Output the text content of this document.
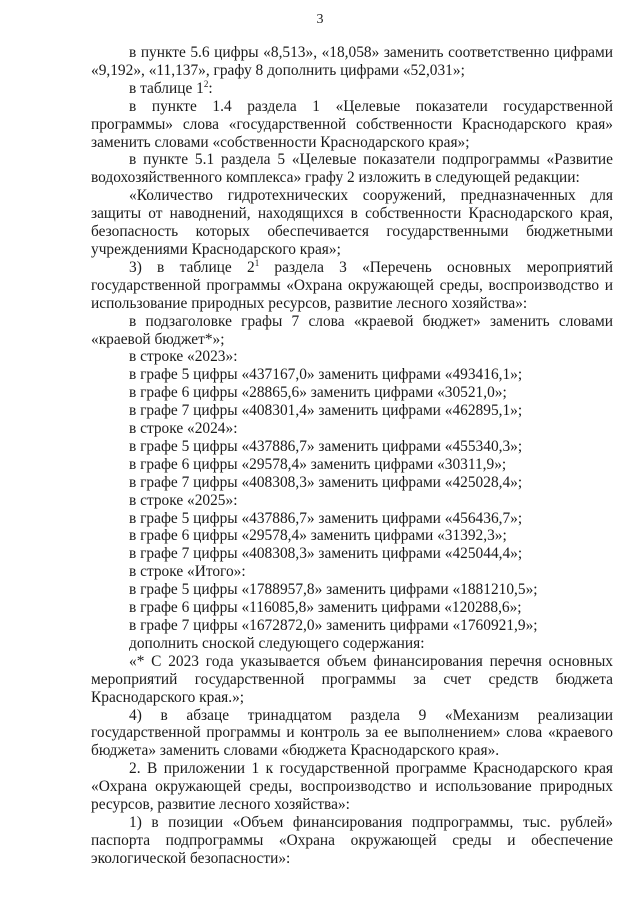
3

в пункте 5.6 цифры «8,513», «18,058» заменить соответственно цифрами «9,192», «11,137», графу 8 дополнить цифрами «52,031»;

в таблице $1^2$:

в пункте 1.4 раздела 1 «Целевые показатели государственной программы» слова «государственной собственности Краснодарского края» заменить словами «собственности Краснодарского края»;

в пункте 5.1 раздела 5 «Целевые показатели подпрограммы «Развитие водохозяйственного комплекса» графу 2 изложить в следующей редакции:

«Количество гидротехнических сооружений, предназначенных для защиты от наводнений, находящихся в собственности Краснодарского края, безопасность которых обеспечивается государственными бюджетными учреждениями Краснодарского края»;

3) в таблице $2^1$ раздела 3 «Перечень основных мероприятий государственной программы «Охрана окружающей среды, воспроизводство и использование природных ресурсов, развитие лесного хозяйства»:

в подзаголовке графы 7 слова «краевой бюджет» заменить словами «краевой бюджет*»;

в строке «2023»:

в графе 5 цифры «437167,0» заменить цифрами «493416,1»;

в графе 6 цифры «28865,6» заменить цифрами «30521,0»;

в графе 7 цифры «408301,4» заменить цифрами «462895,1»;

в строке «2024»:

в графе 5 цифры «437886,7» заменить цифрами «455340,3»;

в графе 6 цифры «29578,4» заменить цифрами «30311,9»;

в графе 7 цифры «408308,3» заменить цифрами «425028,4»;

в строке «2025»:

в графе 5 цифры «437886,7» заменить цифрами «456436,7»;

в графе 6 цифры «29578,4» заменить цифрами «31392,3»;

в графе 7 цифры «408308,3» заменить цифрами «425044,4»;

в строке «Итого»:

в графе 5 цифры «1788957,8» заменить цифрами «1881210,5»;

в графе 6 цифры «116085,8» заменить цифрами «120288,6»;

в графе 7 цифры «1672872,0» заменить цифрами «1760921,9»;

дополнить сноской следующего содержания:

«* С 2023 года указывается объем финансирования перечня основных мероприятий государственной программы за счет средств бюджета Краснодарского края.»;

4) в абзаце тринадцатом раздела 9 «Механизм реализации государственной программы и контроль за ее выполнением» слова «краевого бюджета» заменить словами «бюджета Краснодарского края».

2. В приложении 1 к государственной программе Краснодарского края «Охрана окружающей среды, воспроизводство и использование природных ресурсов, развитие лесного хозяйства»:

1) в позиции «Объем финансирования подпрограммы, тыс. рублей» паспорта подпрограммы «Охрана окружающей среды и обеспечение экологической безопасности»:
